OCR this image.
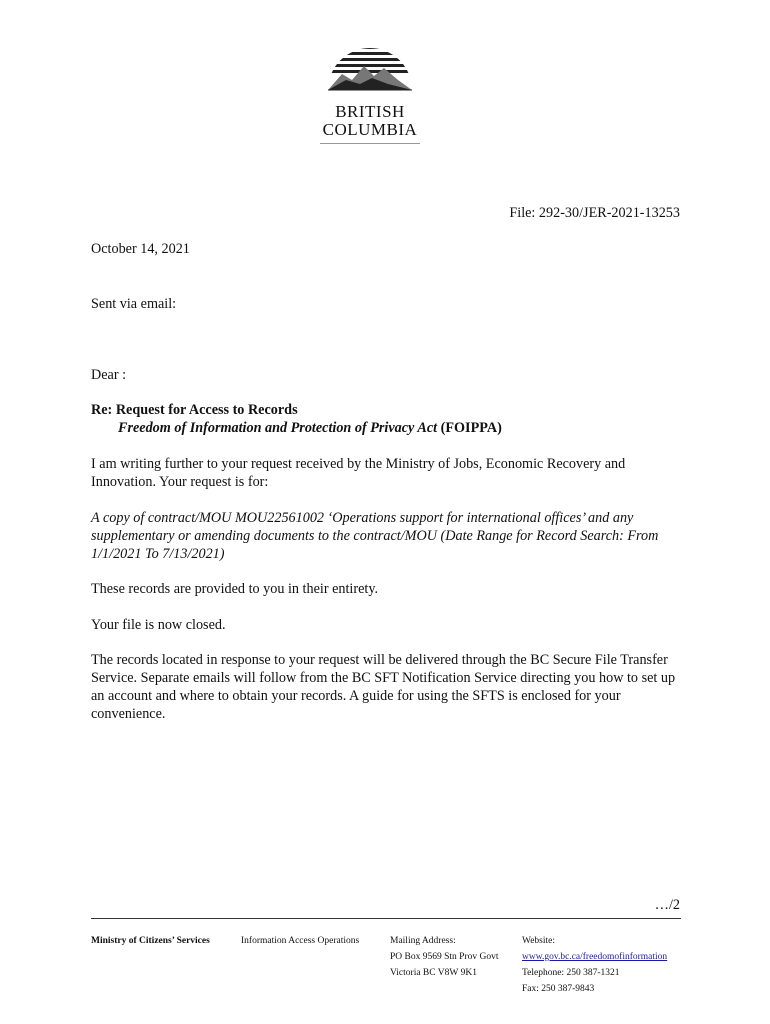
BRITISH
COLUMBIA
File: 292-30/JER-2021-13253
October 14, 2021
Sent via email:
Dear :
Re: Request for Access to Records
Freedom of Information and Protection of Privacy Act (FOIPPA)
I am writing further to your request received by the Ministry of Jobs, Economic Recovery and Innovation. Your request is for:
A copy of contract/MOU MOU22561002 ‘Operations support for international offices’ and any supplementary or amending documents to the contract/MOU (Date Range for Record Search: From 1/1/2021 To 7/13/2021)
These records are provided to you in their entirety.
Your file is now closed.
The records located in response to your request will be delivered through the BC Secure File Transfer Service. Separate emails will follow from the BC SFT Notification Service directing you how to set up an account and where to obtain your records. A guide for using the SFTS is enclosed for your convenience.
…/2
Ministry of Citizens’ Services	Information Access Operations	Mailing Address:
PO Box 9569 Stn Prov Govt
Victoria BC V8W 9K1
Website:
www.gov.bc.ca/freedomofinformation
Telephone: 250 387-1321
Fax: 250 387-9843
